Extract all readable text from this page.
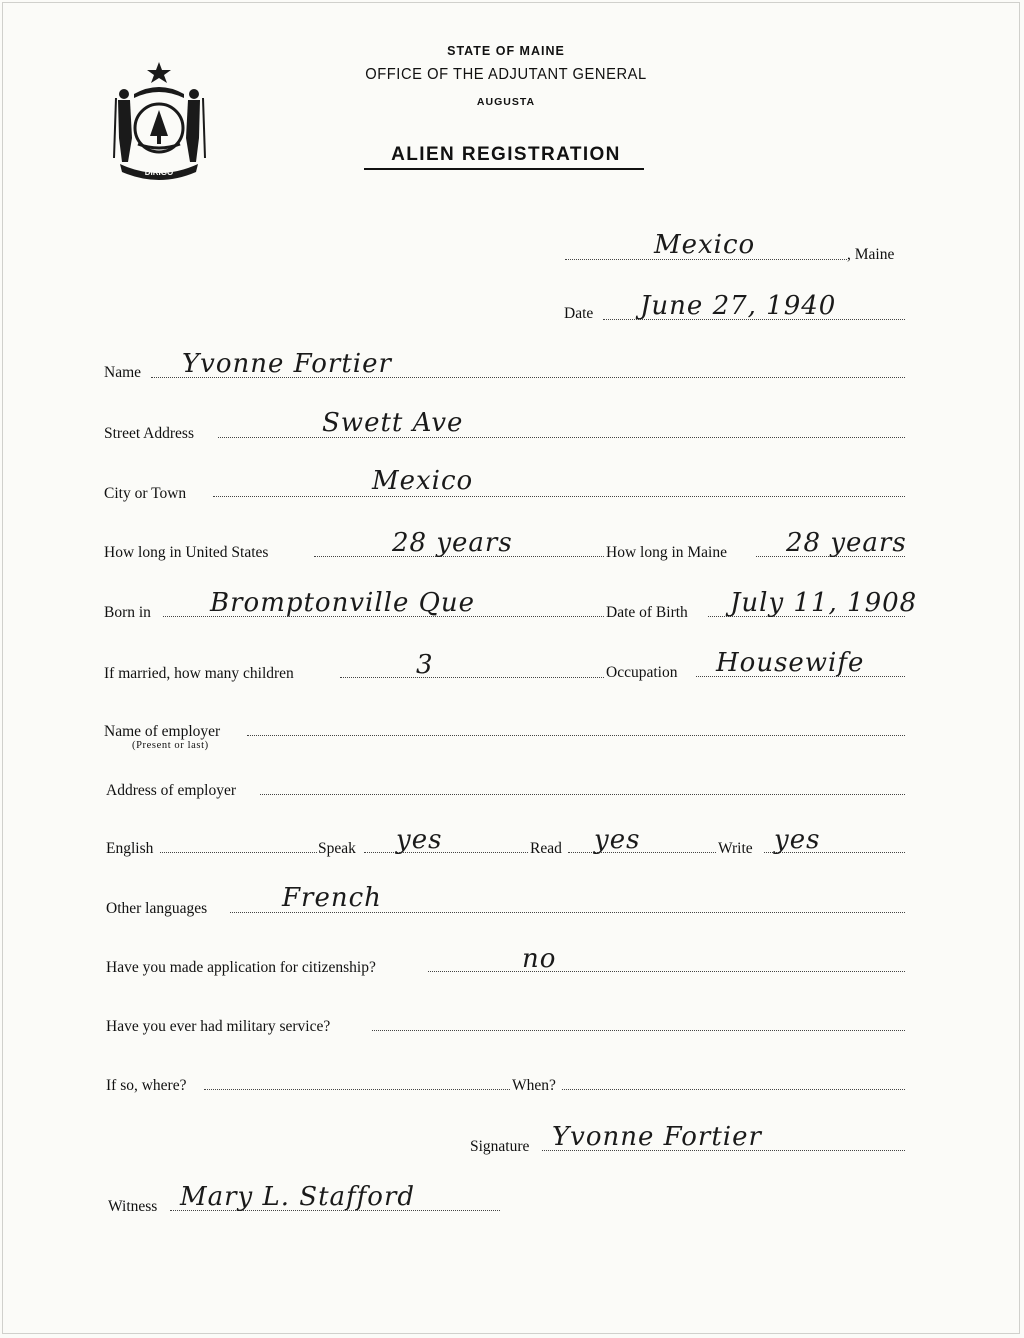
DIRIGO
STATE OF MAINE
OFFICE OF THE ADJUTANT GENERAL
AUGUSTA
ALIEN REGISTRATION
Mexico	, Maine
Date June 27, 1940
Name Yvonne Fortier
Street Address	Swett Ave
City or Town	Mexico
How long in United States	28 years	How long in Maine 28 years
Born in Bromptonville Que	Date of Birth July 11, 1908
If married, how many children	3	Occupation Housewife
Name of employer
(Present or last)
Address of employer
English	Speak yes	Read yes	Write yes
Other languages	French
Have you made application for citizenship?	no
Have you ever had military service?
If so, where?	When?
Signature Yvonne Fortier
Witness Mary L. Stafford
